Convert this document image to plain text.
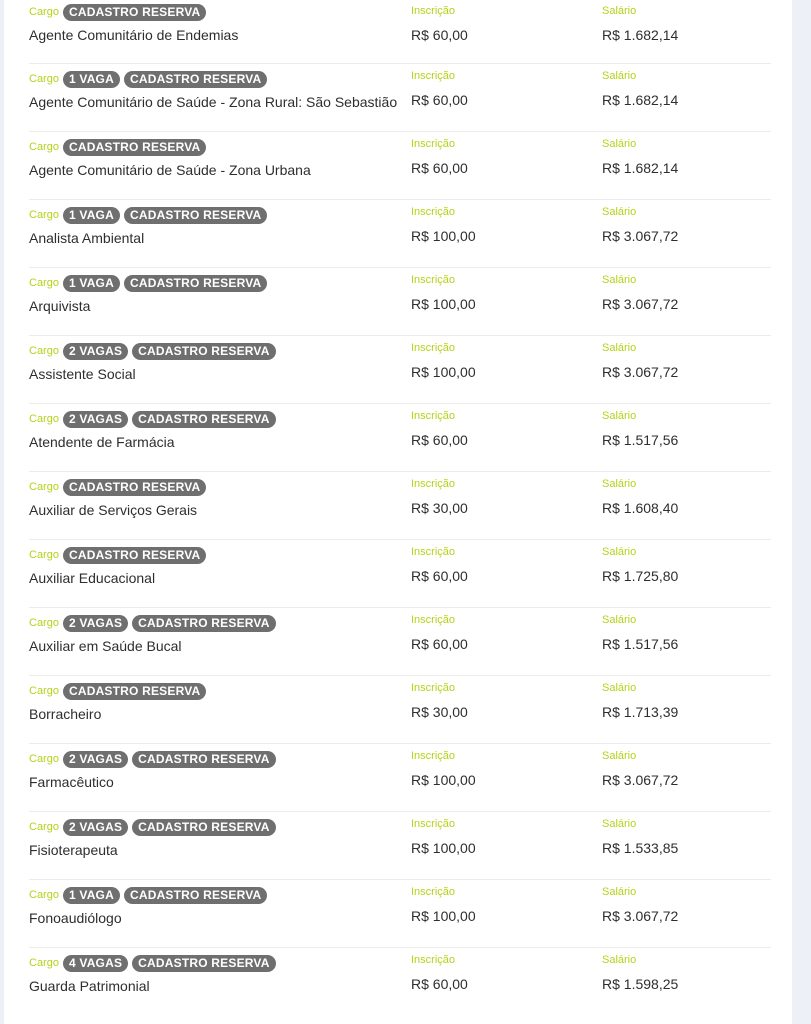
Cargo CADASTRO RESERVA
Agente Comunitário de Endemias
Inscrição
R$ 60,00
Salário
R$ 1.682,14
Cargo 1 VAGA CADASTRO RESERVA
Agente Comunitário de Saúde - Zona Rural: São Sebastião
Inscrição
R$ 60,00
Salário
R$ 1.682,14
Cargo CADASTRO RESERVA
Agente Comunitário de Saúde - Zona Urbana
Inscrição
R$ 60,00
Salário
R$ 1.682,14
Cargo 1 VAGA CADASTRO RESERVA
Analista Ambiental
Inscrição
R$ 100,00
Salário
R$ 3.067,72
Cargo 1 VAGA CADASTRO RESERVA
Arquivista
Inscrição
R$ 100,00
Salário
R$ 3.067,72
Cargo 2 VAGAS CADASTRO RESERVA
Assistente Social
Inscrição
R$ 100,00
Salário
R$ 3.067,72
Cargo 2 VAGAS CADASTRO RESERVA
Atendente de Farmácia
Inscrição
R$ 60,00
Salário
R$ 1.517,56
Cargo CADASTRO RESERVA
Auxiliar de Serviços Gerais
Inscrição
R$ 30,00
Salário
R$ 1.608,40
Cargo CADASTRO RESERVA
Auxiliar Educacional
Inscrição
R$ 60,00
Salário
R$ 1.725,80
Cargo 2 VAGAS CADASTRO RESERVA
Auxiliar em Saúde Bucal
Inscrição
R$ 60,00
Salário
R$ 1.517,56
Cargo CADASTRO RESERVA
Borracheiro
Inscrição
R$ 30,00
Salário
R$ 1.713,39
Cargo 2 VAGAS CADASTRO RESERVA
Farmacêutico
Inscrição
R$ 100,00
Salário
R$ 3.067,72
Cargo 2 VAGAS CADASTRO RESERVA
Fisioterapeuta
Inscrição
R$ 100,00
Salário
R$ 1.533,85
Cargo 1 VAGA CADASTRO RESERVA
Fonoaudiólogo
Inscrição
R$ 100,00
Salário
R$ 3.067,72
Cargo 4 VAGAS CADASTRO RESERVA
Guarda Patrimonial
Inscrição
R$ 60,00
Salário
R$ 1.598,25
